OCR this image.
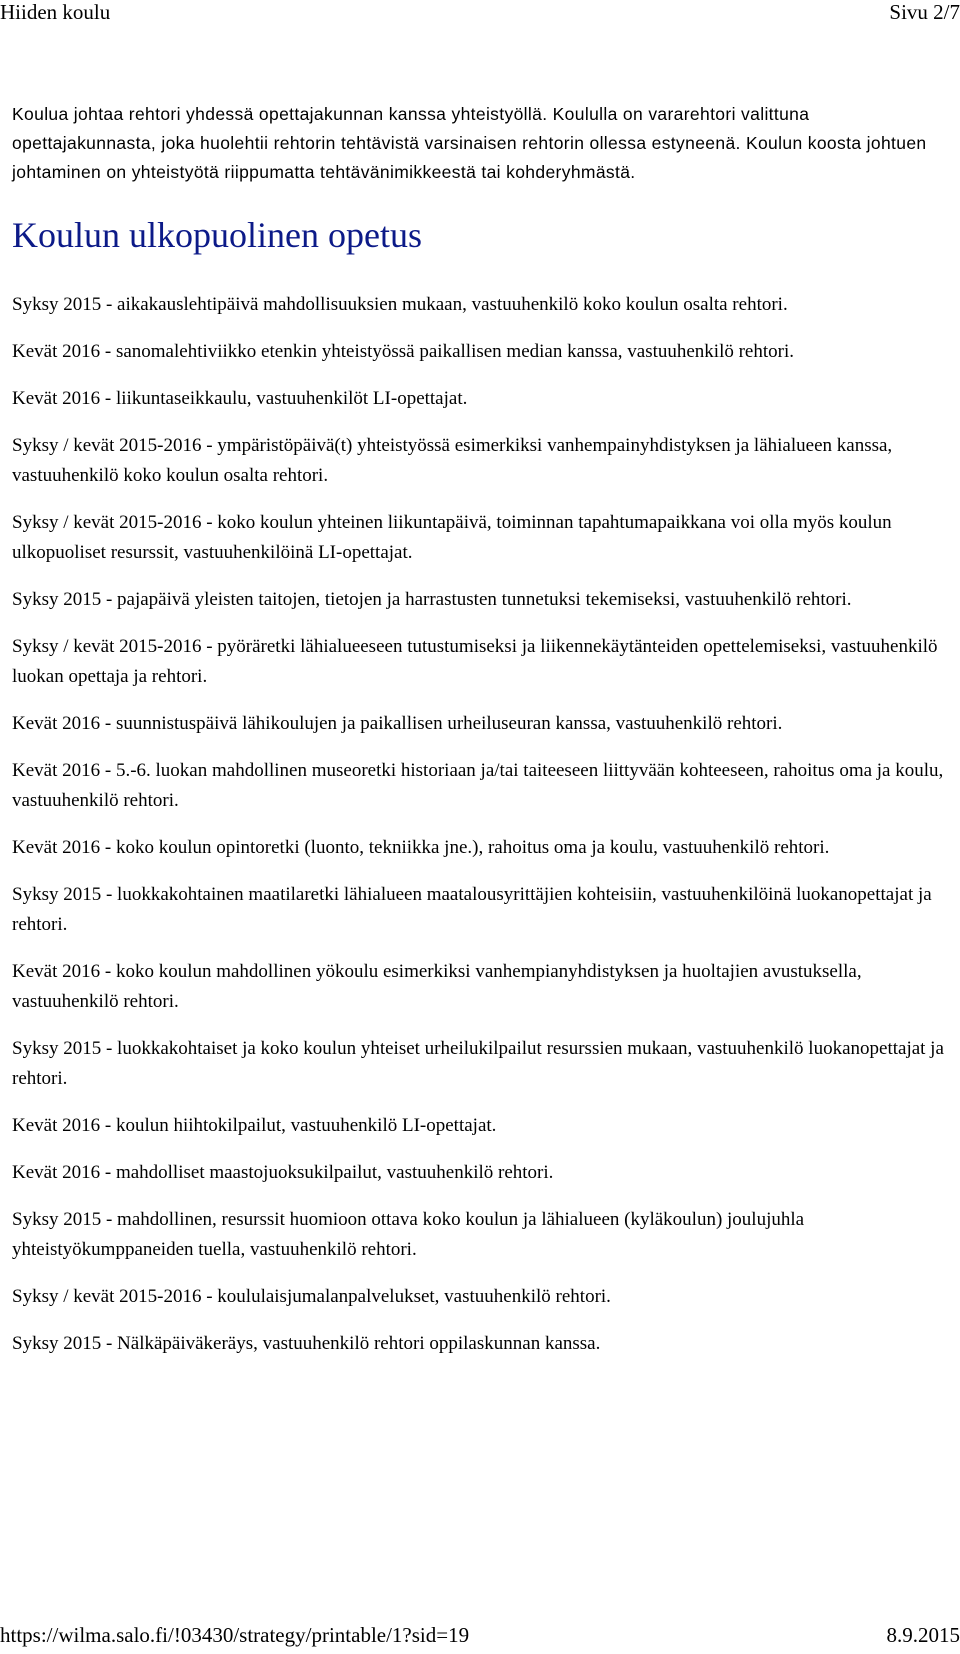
Hiiden koulu	Sivu 2/7

Koulua johtaa rehtori yhdessä opettajakunnan kanssa yhteistyöllä. Koululla on vararehtori valittuna opettajakunnasta, joka huolehtii rehtorin tehtävistä varsinaisen rehtorin ollessa estyneenä. Koulun koosta johtuen johtaminen on yhteistyötä riippumatta tehtävänimikkeestä tai kohderyhmästä.

Koulun ulkopuolinen opetus
Syksy 2015 - aikakauslehtipäivä mahdollisuuksien mukaan, vastuuhenkilö koko koulun osalta rehtori.
Kevät 2016 - sanomalehtiviikko etenkin yhteistyössä paikallisen median kanssa, vastuuhenkilö rehtori.
Kevät 2016 - liikuntaseikkaulu, vastuuhenkilöt LI-opettajat.
Syksy / kevät 2015-2016 - ympäristöpäivä(t) yhteistyössä esimerkiksi vanhempainyhdistyksen ja lähialueen kanssa, vastuuhenkilö koko koulun osalta rehtori.
Syksy / kevät 2015-2016 - koko koulun yhteinen liikuntapäivä, toiminnan tapahtumapaikkana voi olla myös koulun ulkopuoliset resurssit, vastuuhenkilöinä LI-opettajat.
Syksy 2015 - pajapäivä yleisten taitojen, tietojen ja harrastusten tunnetuksi tekemiseksi, vastuuhenkilö rehtori.
Syksy / kevät 2015-2016 - pyöräretki lähialueeseen tutustumiseksi ja liikennekäytänteiden opettelemiseksi, vastuuhenkilö luokan opettaja ja rehtori.
Kevät 2016 - suunnistuspäivä lähikoulujen ja paikallisen urheiluseuran kanssa, vastuuhenkilö rehtori.
Kevät 2016 - 5.-6. luokan mahdollinen museoretki historiaan ja/tai taiteeseen liittyvään kohteeseen, rahoitus oma ja koulu, vastuuhenkilö rehtori.
Kevät 2016 - koko koulun opintoretki (luonto, tekniikka jne.), rahoitus oma ja koulu, vastuuhenkilö rehtori.
Syksy 2015 - luokkakohtainen maatilaretki lähialueen maatalousyrittäjien kohteisiin, vastuuhenkilöinä luokanopettajat ja rehtori.
Kevät 2016 - koko koulun mahdollinen yökoulu esimerkiksi vanhempianyhdistyksen ja huoltajien avustuksella, vastuuhenkilö rehtori.
Syksy 2015 - luokkakohtaiset ja koko koulun yhteiset urheilukilpailut resurssien mukaan, vastuuhenkilö luokanopettajat ja rehtori.
Kevät 2016 - koulun hiihtokilpailut, vastuuhenkilö LI-opettajat.
Kevät 2016 - mahdolliset maastojuoksukilpailut, vastuuhenkilö rehtori.
Syksy 2015 - mahdollinen, resurssit huomioon ottava koko koulun ja lähialueen (kyläkoulun) joulujuhla yhteistyökumppaneiden tuella, vastuuhenkilö rehtori.
Syksy / kevät 2015-2016 - koululaisjumalanpalvelukset, vastuuhenkilö rehtori.
Syksy 2015 - Nälkäpäiväkeräys, vastuuhenkilö rehtori oppilaskunnan kanssa.
https://wilma.salo.fi/!03430/strategy/printable/1?sid=19	8.9.2015
